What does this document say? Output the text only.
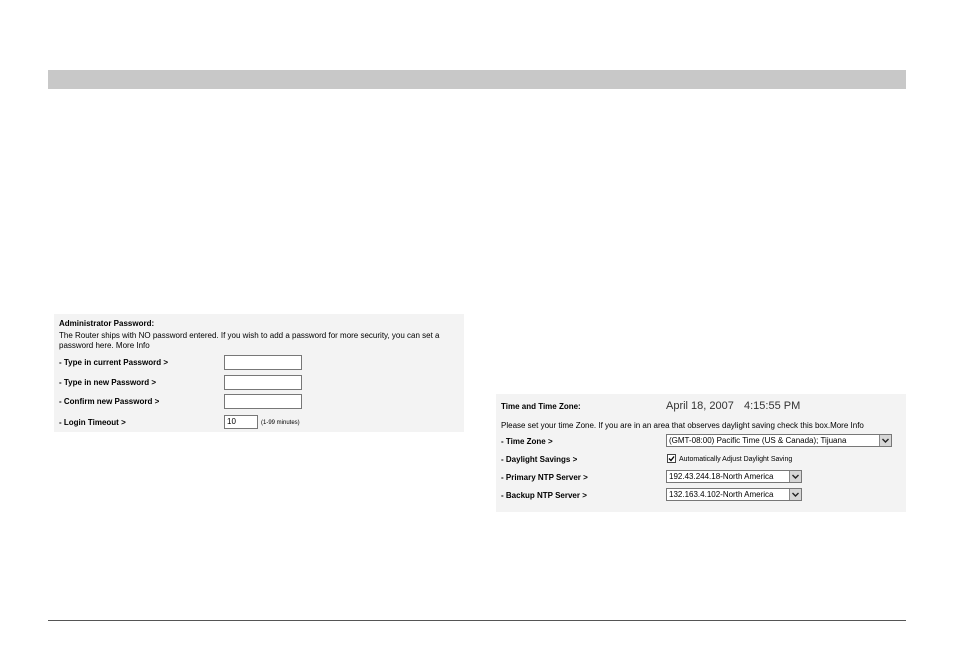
Administrator Password:
The Router ships with NO password entered. If you wish to add a password for more security, you can set a password here. More Info
- Type in current Password >
- Type in new Password >
- Confirm new Password >
- Login Timeout >	10	(1-99 minutes)
Time and Time Zone:	April 18, 2007 4:15:55 PM
Please set your time Zone. If you are in an area that observes daylight saving check this box.More Info
- Time Zone >	(GMT-08:00) Pacific Time (US & Canada); Tijuana
- Daylight Savings >	Automatically Adjust Daylight Saving
- Primary NTP Server >	192.43.244.18-North America
- Backup NTP Server >	132.163.4.102-North America
